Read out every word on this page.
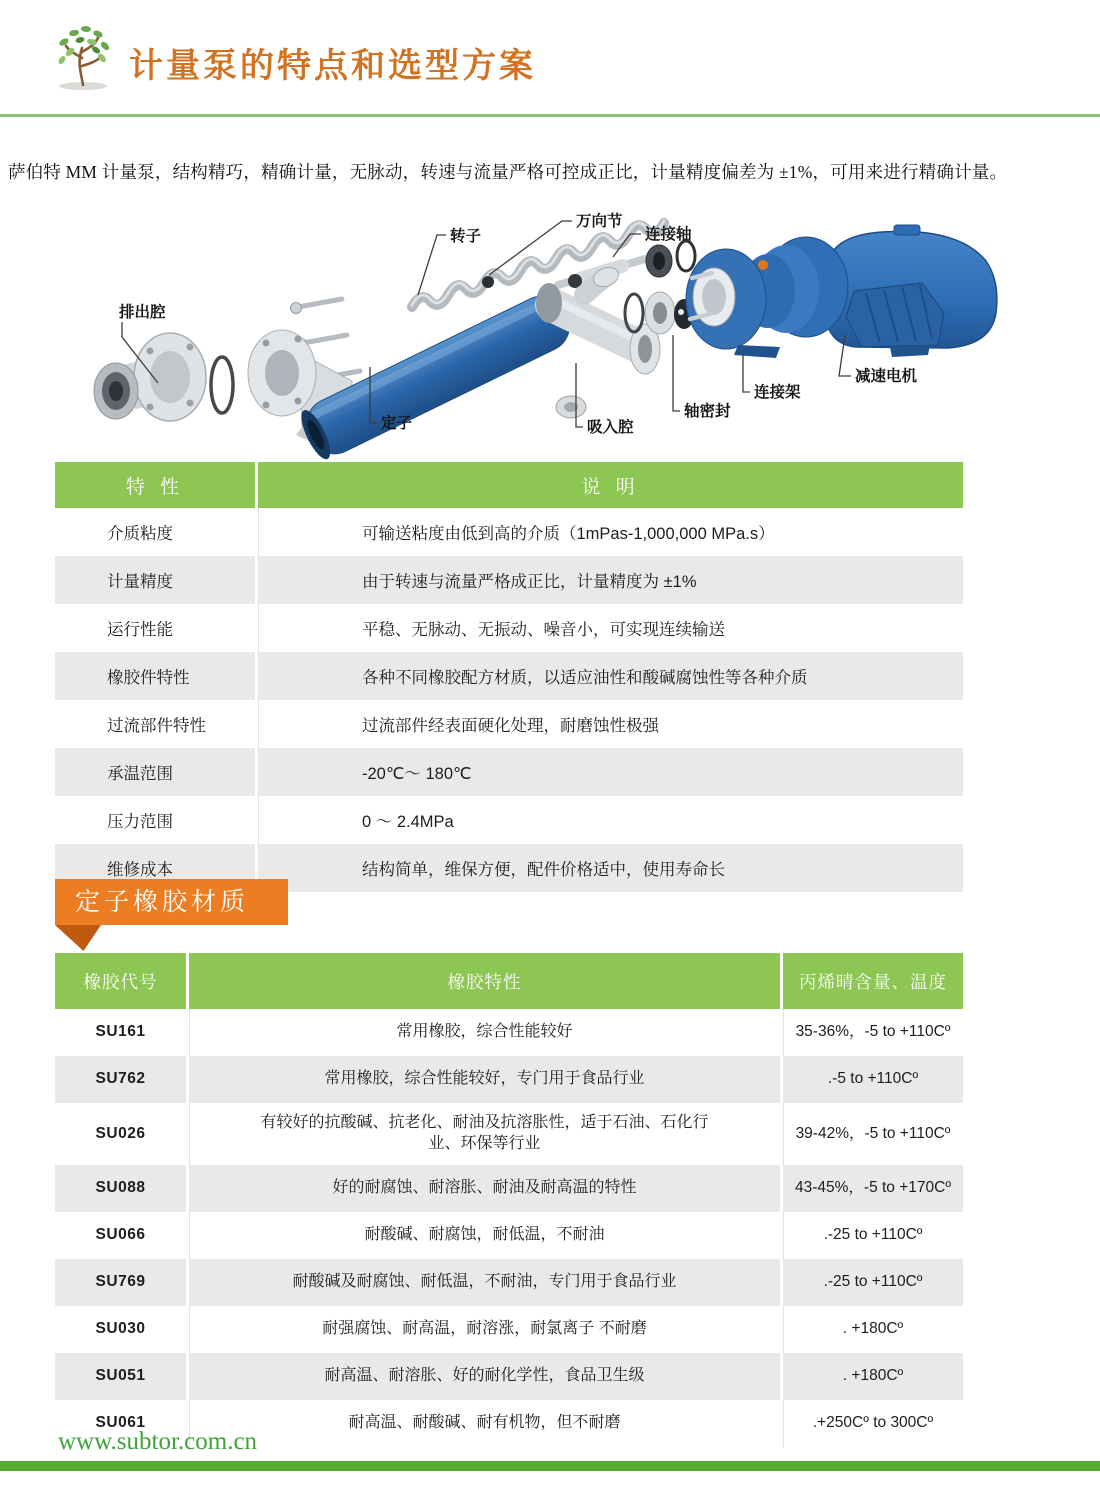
计量泵的特点和选型方案
萨伯特 MM 计量泵，结构精巧，精确计量，无脉动，转速与流量严格可控成正比，计量精度偏差为 ±1%，可用来进行精确计量。
转子
万向节
连接轴
排出腔
定子	吸入腔
轴密封
连接架
减速电机
特 性	说 明
介质粘度	可输送粘度由低到高的介质（1mPas-1,000,000 MPa.s）
计量精度	由于转速与流量严格成正比，计量精度为 ±1%
运行性能	平稳、无脉动、无振动、噪音小，可实现连续输送
橡胶件特性	各种不同橡胶配方材质，以适应油性和酸碱腐蚀性等各种介质
过流部件特性	过流部件经表面硬化处理，耐磨蚀性极强
承温范围	-20℃～ 180℃
压力范围	0 ～ 2.4MPa
维修成本	结构简单，维保方便，配件价格适中，使用寿命长
定子橡胶材质
橡胶代号	橡胶特性	丙烯晴含量、温度
SU161	常用橡胶，综合性能较好	35-36%，-5 to +110Cº
SU762	常用橡胶，综合性能较好，专门用于食品行业	.-5 to +110Cº
SU026	有较好的抗酸碱、抗老化、耐油及抗溶胀性，适于石油、石化行业、环保等行业	39-42%，-5 to +110Cº
SU088	好的耐腐蚀、耐溶胀、耐油及耐高温的特性	43-45%，-5 to +170Cº
SU066	耐酸碱、耐腐蚀，耐低温，不耐油	.-25 to +110Cº
SU769	耐酸碱及耐腐蚀、耐低温，不耐油，专门用于食品行业	.-25 to +110Cº
SU030	耐强腐蚀、耐高温，耐溶涨，耐氯离子 不耐磨	. +180Cº
SU051	耐高温、耐溶胀、好的耐化学性，食品卫生级	. +180Cº
SU061	耐高温、耐酸碱、耐有机物，但不耐磨	.+250Cº to 300Cº
www.subtor.com.cn
